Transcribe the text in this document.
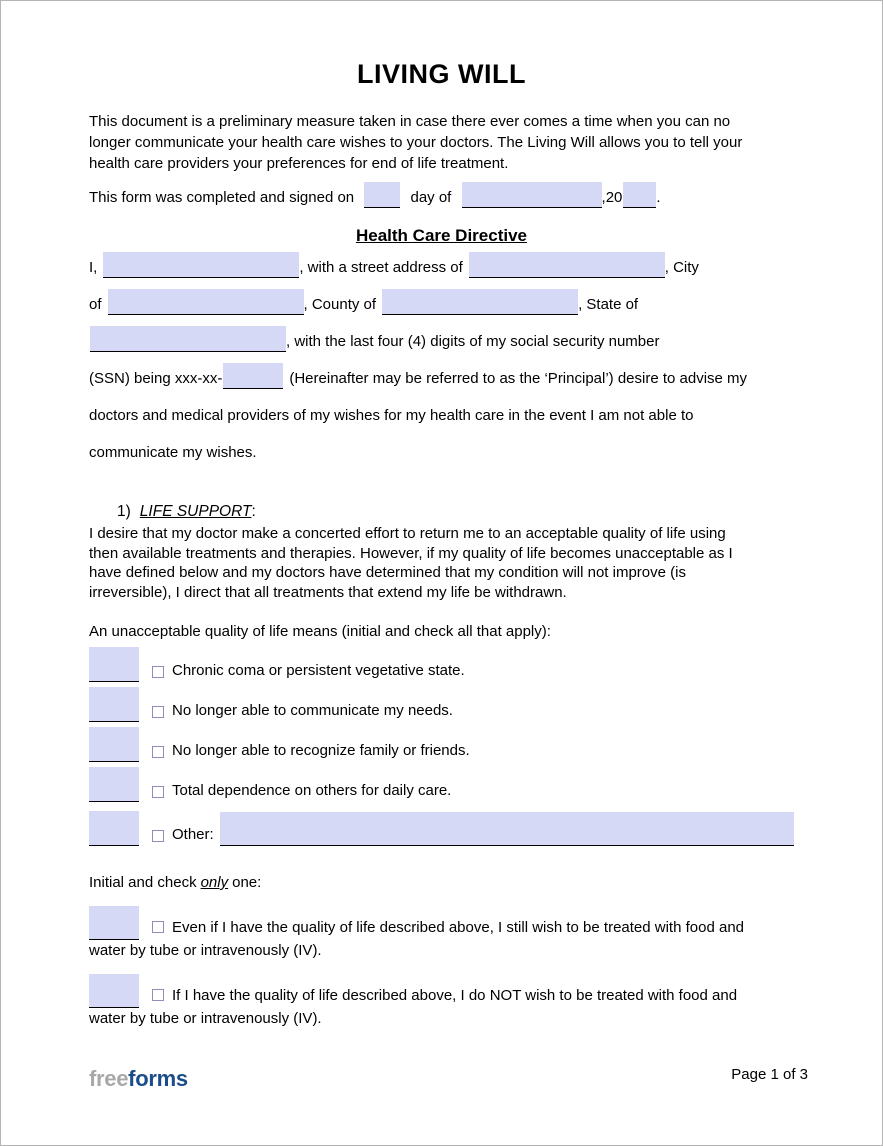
LIVING WILL

This document is a preliminary measure taken in case there ever comes a time when you can no
longer communicate your health care wishes to your doctors. The Living Will allows you to tell your
health care providers your preferences for end of life treatment.

This form was completed and signed on	day of	,20 .

Health Care Directive

I,	, with a street address of	, City
of	, County of	, State of
, with the last four (4) digits of my social security number
(SSN) being xxx-xx-	(Hereinafter may be referred to as the ‘Principal’) desire to advise my
doctors and medical providers of my wishes for my health care in the event I am not able to
communicate my wishes.

1) LIFE SUPPORT:

I desire that my doctor make a concerted effort to return me to an acceptable quality of life using
then available treatments and therapies. However, if my quality of life becomes unacceptable as I
have defined below and my doctors have determined that my condition will not improve (is
irreversible), I direct that all treatments that extend my life be withdrawn.

An unacceptable quality of life means (initial and check all that apply):

Chronic coma or persistent vegetative state.
No longer able to communicate my needs.
No longer able to recognize family or friends.
Total dependence on others for daily care.
Other:

Initial and check only one:

Even if I have the quality of life described above, I still wish to be treated with food and
water by tube or intravenously (IV).

If I have the quality of life described above, I do NOT wish to be treated with food and
water by tube or intravenously (IV).

freeforms	Page 1 of 3
